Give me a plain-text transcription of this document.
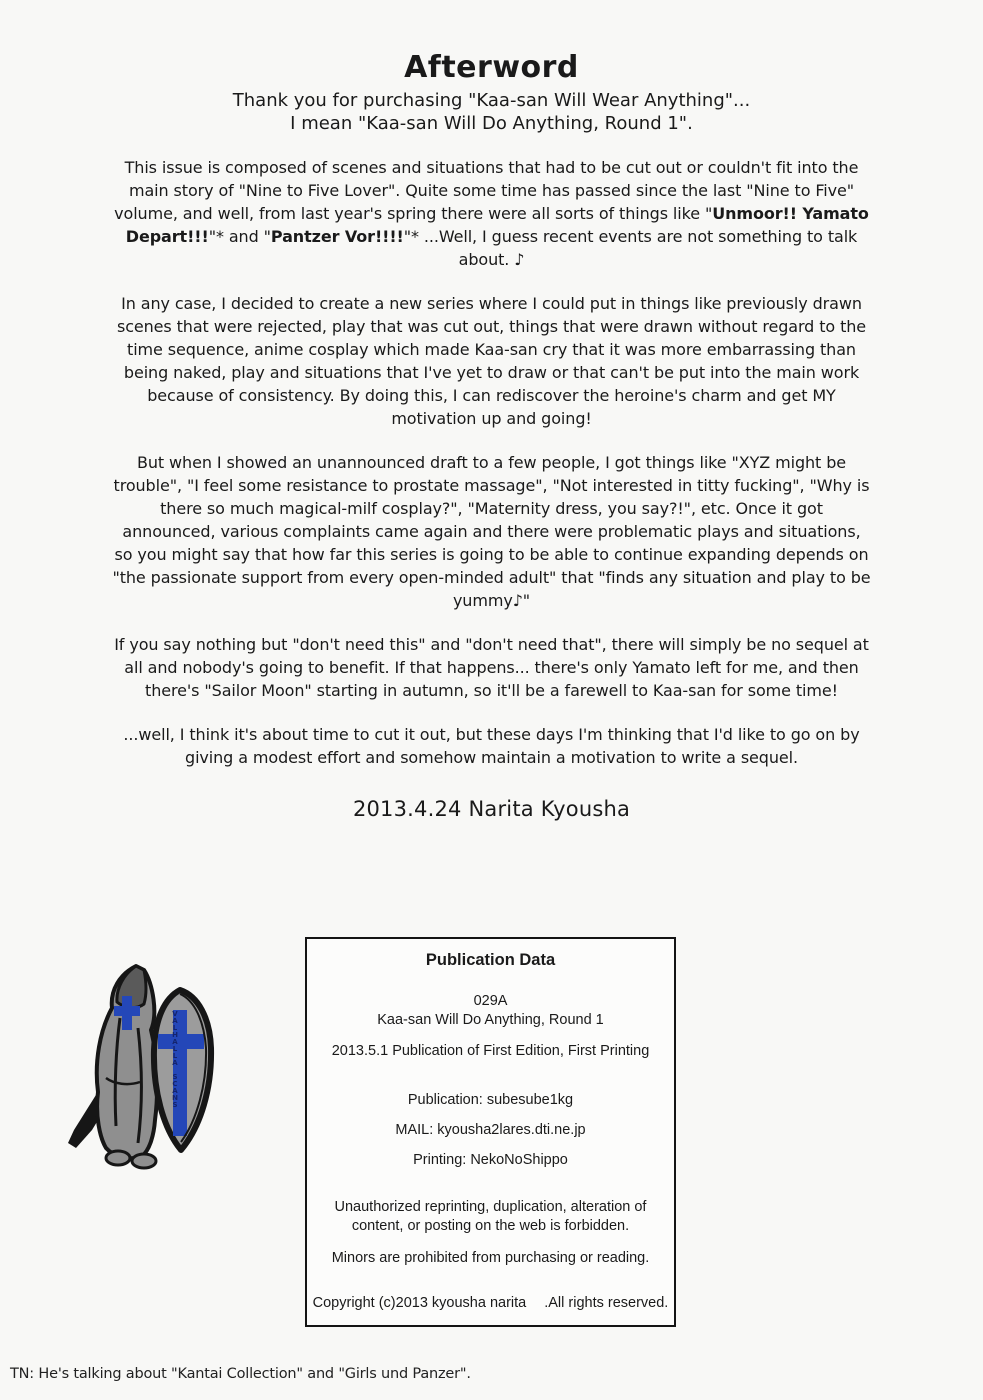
Afterword
Thank you for purchasing "Kaa-san Will Wear Anything"...
I mean "Kaa-san Will Do Anything, Round 1".

This issue is composed of scenes and situations that had to be cut out or couldn't fit into the main story of "Nine to Five Lover". Quite some time has passed since the last "Nine to Five" volume, and well, from last year's spring there were all sorts of things like "Unmoor!! Yamato Depart!!!"* and "Pantzer Vor!!!!"* ...Well, I guess recent events are not something to talk about. ♪

In any case, I decided to create a new series where I could put in things like previously drawn scenes that were rejected, play that was cut out, things that were drawn without regard to the time sequence, anime cosplay which made Kaa-san cry that it was more embarrassing than being naked, play and situations that I've yet to draw or that can't be put into the main work because of consistency. By doing this, I can rediscover the heroine's charm and get MY motivation up and going!

But when I showed an unannounced draft to a few people, I got things like "XYZ might be trouble", "I feel some resistance to prostate massage", "Not interested in titty fucking", "Why is there so much magical-milf cosplay?", "Maternity dress, you say?!", etc. Once it got announced, various complaints came again and there were problematic plays and situations, so you might say that how far this series is going to be able to continue expanding depends on "the passionate support from every open-minded adult" that "finds any situation and play to be yummy♪"

If you say nothing but "don't need this" and "don't need that", there will simply be no sequel at all and nobody's going to benefit. If that happens... there's only Yamato left for me, and then there's "Sailor Moon" starting in autumn, so it'll be a farewell to Kaa-san for some time!

...well, I think it's about time to cut it out, but these days I'm thinking that I'd like to go on by giving a modest effort and somehow maintain a motivation to write a sequel.

2013.4.24 Narita Kyousha
VALHALLA SCANS
Publication Data
029A
Kaa-san Will Do Anything, Round 1
2013.5.1 Publication of First Edition, First Printing
Publication: subesube1kg
MAIL: kyousha2lares.dti.ne.jp
Printing: NekoNoShippo
Unauthorized reprinting, duplication, alteration of content, or posting on the web is forbidden.
Minors are prohibited from purchasing or reading.
Copyright (c)2013 kyousha narita .All rights reserved.
TN: He's talking about "Kantai Collection" and "Girls und Panzer".
